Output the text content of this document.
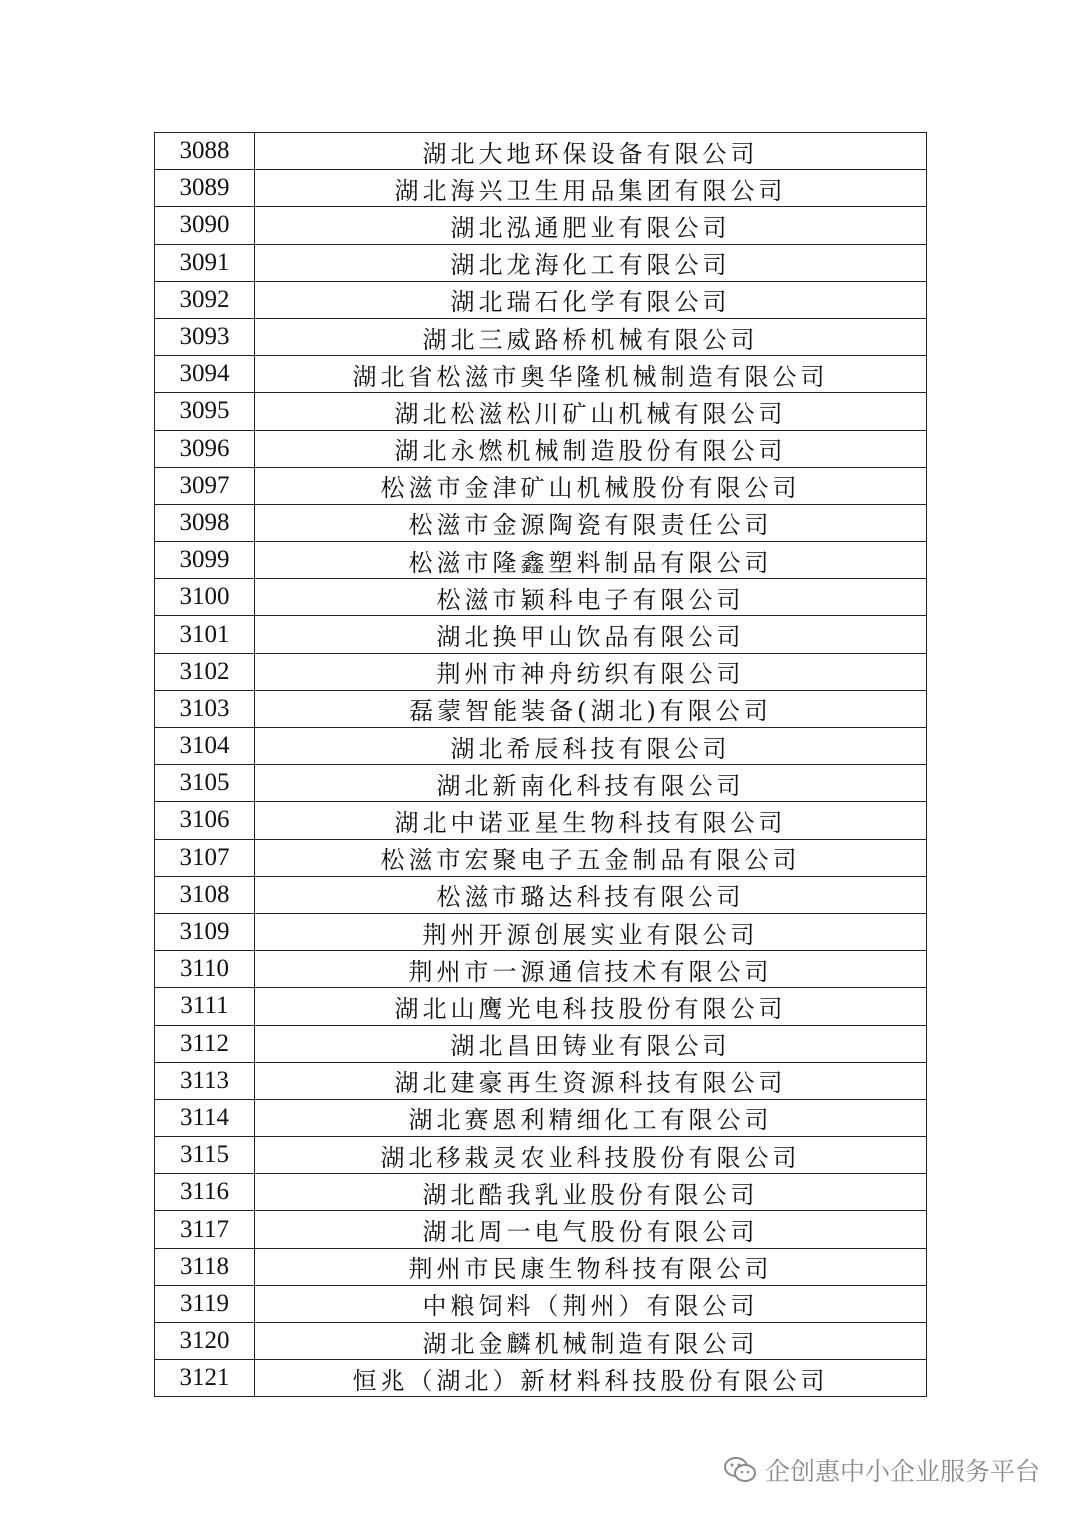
3088	湖北大地环保设备有限公司
3089	湖北海兴卫生用品集团有限公司
3090	湖北泓通肥业有限公司
3091	湖北龙海化工有限公司
3092	湖北瑞石化学有限公司
3093	湖北三威路桥机械有限公司
3094	湖北省松滋市奥华隆机械制造有限公司
3095	湖北松滋松川矿山机械有限公司
3096	湖北永燃机械制造股份有限公司
3097	松滋市金津矿山机械股份有限公司
3098	松滋市金源陶瓷有限责任公司
3099	松滋市隆鑫塑料制品有限公司
3100	松滋市颖科电子有限公司
3101	湖北换甲山饮品有限公司
3102	荆州市神舟纺织有限公司
3103	磊蒙智能装备(湖北)有限公司
3104	湖北希辰科技有限公司
3105	湖北新南化科技有限公司
3106	湖北中诺亚星生物科技有限公司
3107	松滋市宏聚电子五金制品有限公司
3108	松滋市璐达科技有限公司
3109	荆州开源创展实业有限公司
3110	荆州市一源通信技术有限公司
3111	湖北山鹰光电科技股份有限公司
3112	湖北昌田铸业有限公司
3113	湖北建豪再生资源科技有限公司
3114	湖北赛恩利精细化工有限公司
3115	湖北移栽灵农业科技股份有限公司
3116	湖北酷我乳业股份有限公司
3117	湖北周一电气股份有限公司
3118	荆州市民康生物科技有限公司
3119	中粮饲料（荆州）有限公司
3120	湖北金麟机械制造有限公司
3121	恒兆（湖北）新材料科技股份有限公司
企创惠中小企业服务平台
